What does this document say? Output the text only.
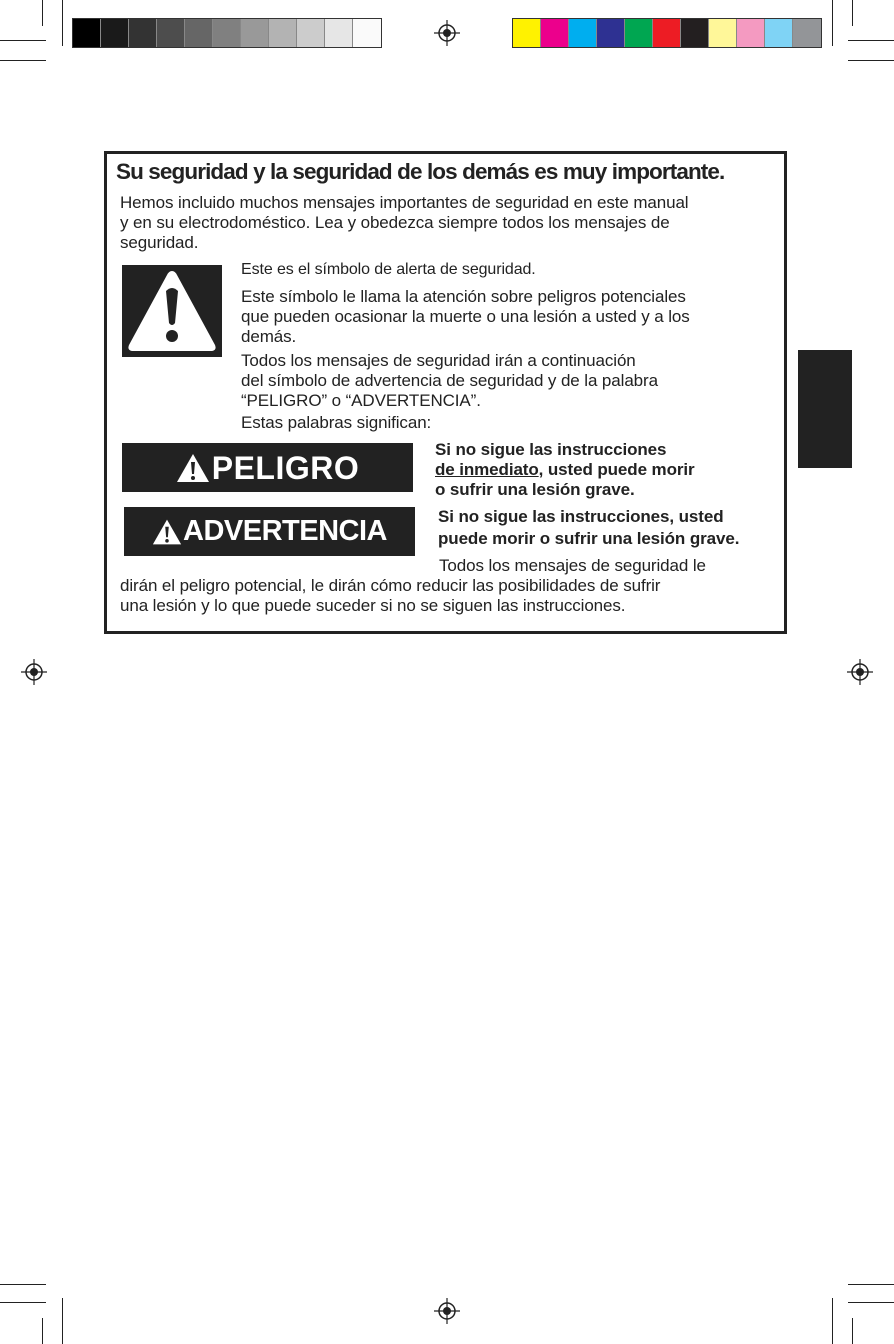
Su seguridad y la seguridad de los demás es muy importante.
Hemos incluido muchos mensajes importantes de seguridad en este manual
y en su electrodoméstico. Lea y obedezca siempre todos los mensajes de
seguridad.
Este es el símbolo de alerta de seguridad.
Este símbolo le llama la atención sobre peligros potenciales
que pueden ocasionar la muerte o una lesión a usted y a los
demás.
Todos los mensajes de seguridad irán a continuación
del símbolo de advertencia de seguridad y de la palabra
“PELIGRO” o “ADVERTENCIA”.
Estas palabras significan:
PELIGRO	Si no sigue las instrucciones
de inmediato, usted puede morir
o sufrir una lesión grave.
ADVERTENCIA	Si no sigue las instrucciones, usted
puede morir o sufrir una lesión grave.
Todos los mensajes de seguridad le
dirán el peligro potencial, le dirán cómo reducir las posibilidades de sufrir
una lesión y lo que puede suceder si no se siguen las instrucciones.
